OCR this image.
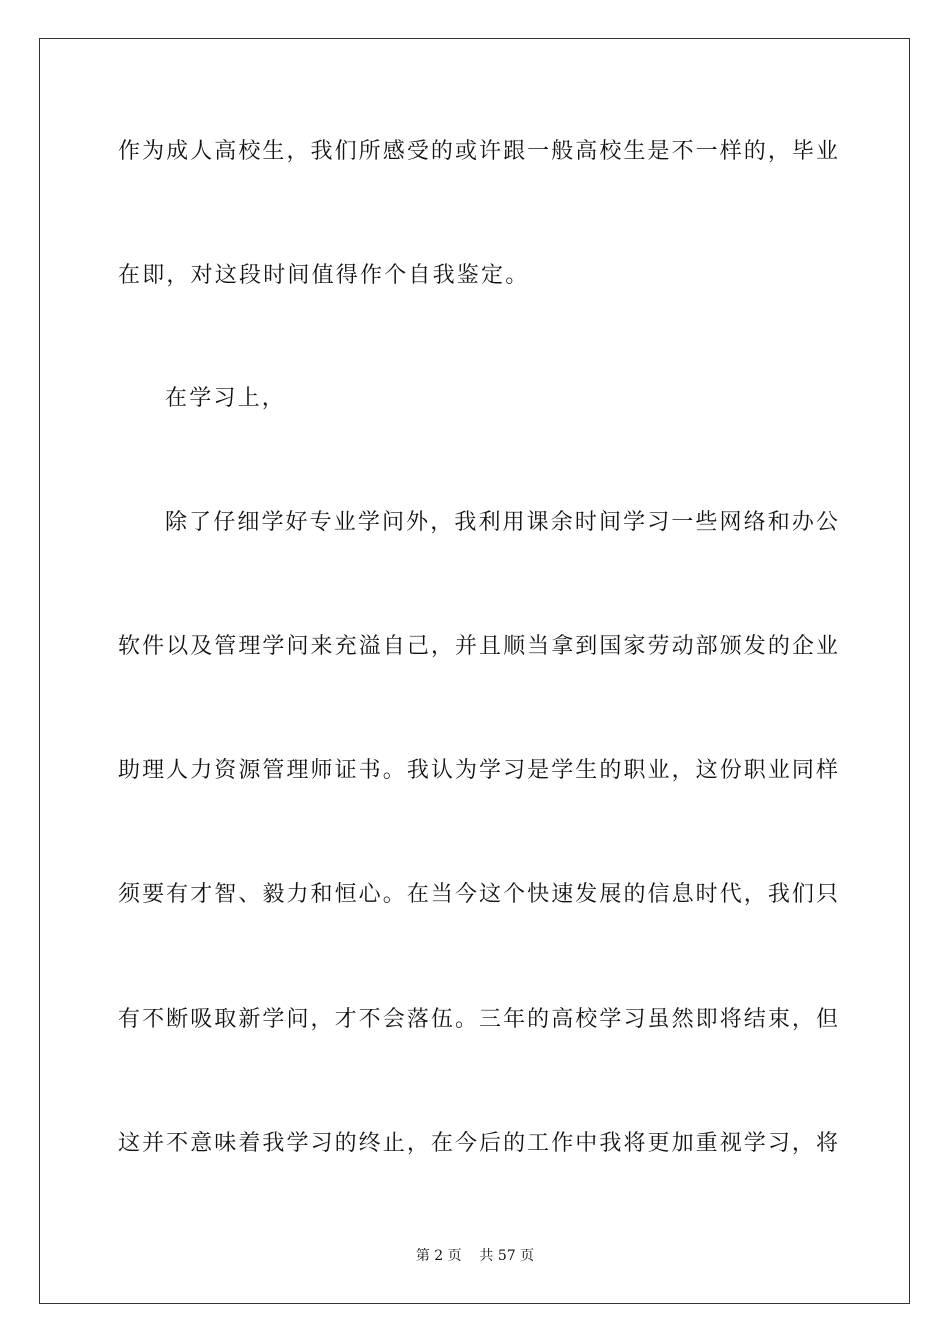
作为成人高校生，我们所感受的或许跟一般高校生是不一样的，毕业
在即，对这段时间值得作个自我鉴定。
在学习上，
除了仔细学好专业学问外，我利用课余时间学习一些网络和办公
软件以及管理学问来充溢自己，并且顺当拿到国家劳动部颁发的企业
助理人力资源管理师证书。我认为学习是学生的职业，这份职业同样
须要有才智、毅力和恒心。在当今这个快速发展的信息时代，我们只
有不断吸取新学问，才不会落伍。三年的高校学习虽然即将结束，但
这并不意味着我学习的终止，在今后的工作中我将更加重视学习，将
第 2 页    共 57 页
